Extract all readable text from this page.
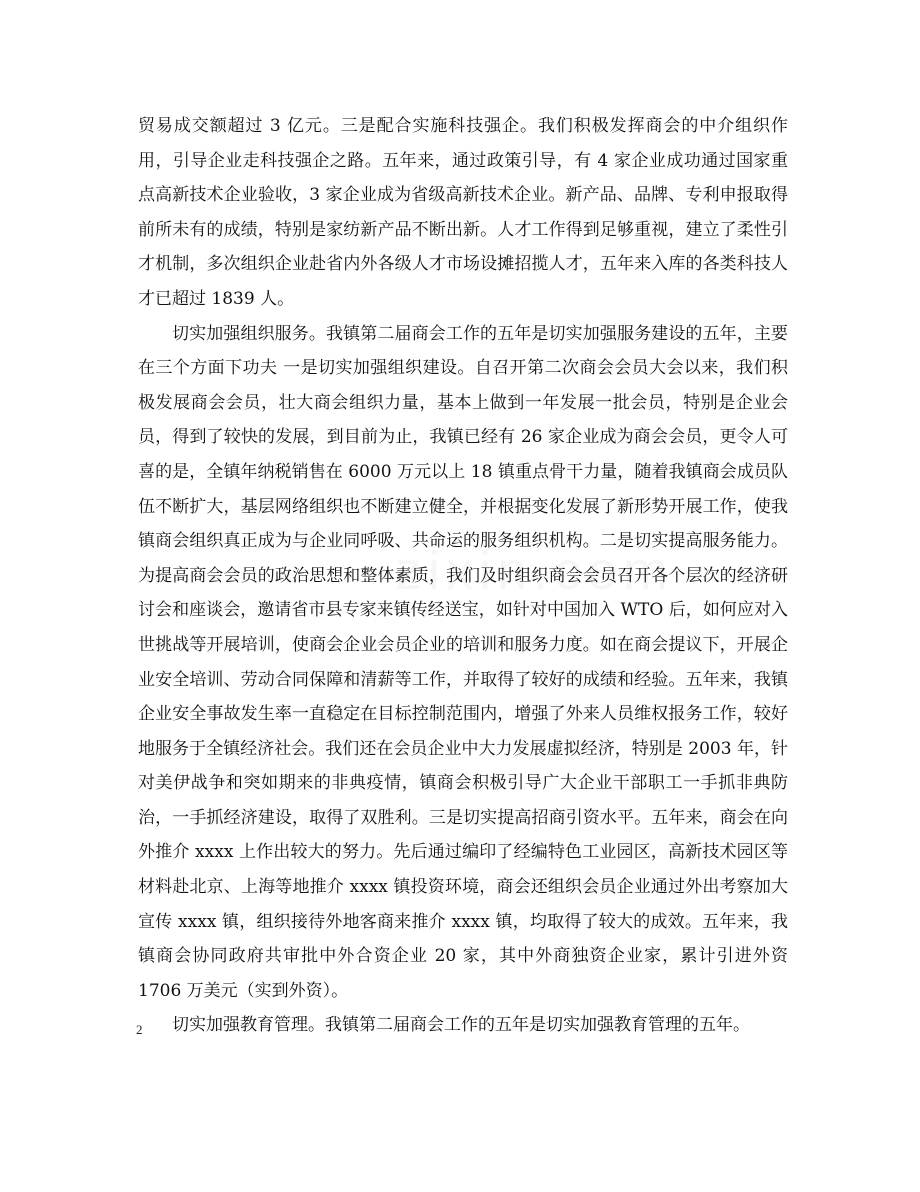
贸易成交额超过 3 亿元。三是配合实施科技强企。我们积极发挥商会的中介组织作用，引导企业走科技强企之路。五年来，通过政策引导，有 4 家企业成功通过国家重点高新技术企业验收，3 家企业成为省级高新技术企业。新产品、品牌、专利申报取得前所未有的成绩，特别是家纺新产品不断出新。人才工作得到足够重视，建立了柔性引才机制，多次组织企业赴省内外各级人才市场设摊招揽人才，五年来入库的各类科技人才已超过 1839 人。

切实加强组织服务。我镇第二届商会工作的五年是切实加强服务建设的五年，主要在三个方面下功夫 一是切实加强组织建设。自召开第二次商会会员大会以来，我们积极发展商会会员，壮大商会组织力量，基本上做到一年发展一批会员，特别是企业会员，得到了较快的发展，到目前为止，我镇已经有 26 家企业成为商会会员，更令人可喜的是，全镇年纳税销售在 6000 万元以上 18 镇重点骨干力量，随着我镇商会成员队伍不断扩大，基层网络组织也不断建立健全，并根据变化发展了新形势开展工作，使我镇商会组织真正成为与企业同呼吸、共命运的服务组织机构。二是切实提高服务能力。为提高商会会员的政治思想和整体素质，我们及时组织商会会员召开各个层次的经济研讨会和座谈会，邀请省市县专家来镇传经送宝，如针对中国加入 WTO 后，如何应对入世挑战等开展培训，使商会企业会员企业的培训和服务力度。如在商会提议下，开展企业安全培训、劳动合同保障和清薪等工作，并取得了较好的成绩和经验。五年来，我镇企业安全事故发生率一直稳定在目标控制范围内，增强了外来人员维权报务工作，较好地服务于全镇经济社会。我们还在会员企业中大力发展虚拟经济，特别是 2003 年，针对美伊战争和突如期来的非典疫情，镇商会积极引导广大企业干部职工一手抓非典防治，一手抓经济建设，取得了双胜利。三是切实提高招商引资水平。五年来，商会在向外推介 xxxx 上作出较大的努力。先后通过编印了经编特色工业园区，高新技术园区等材料赴北京、上海等地推介 xxxx 镇投资环境，商会还组织会员企业通过外出考察加大宣传 xxxx 镇，组织接待外地客商来推介 xxxx 镇，均取得了较大的成效。五年来，我镇商会协同政府共审批中外合资企业 20 家，其中外商独资企业家，累计引进外资 1706 万美元（实到外资）。

切实加强教育管理。我镇第二届商会工作的五年是切实加强教育管理的五年。

2
